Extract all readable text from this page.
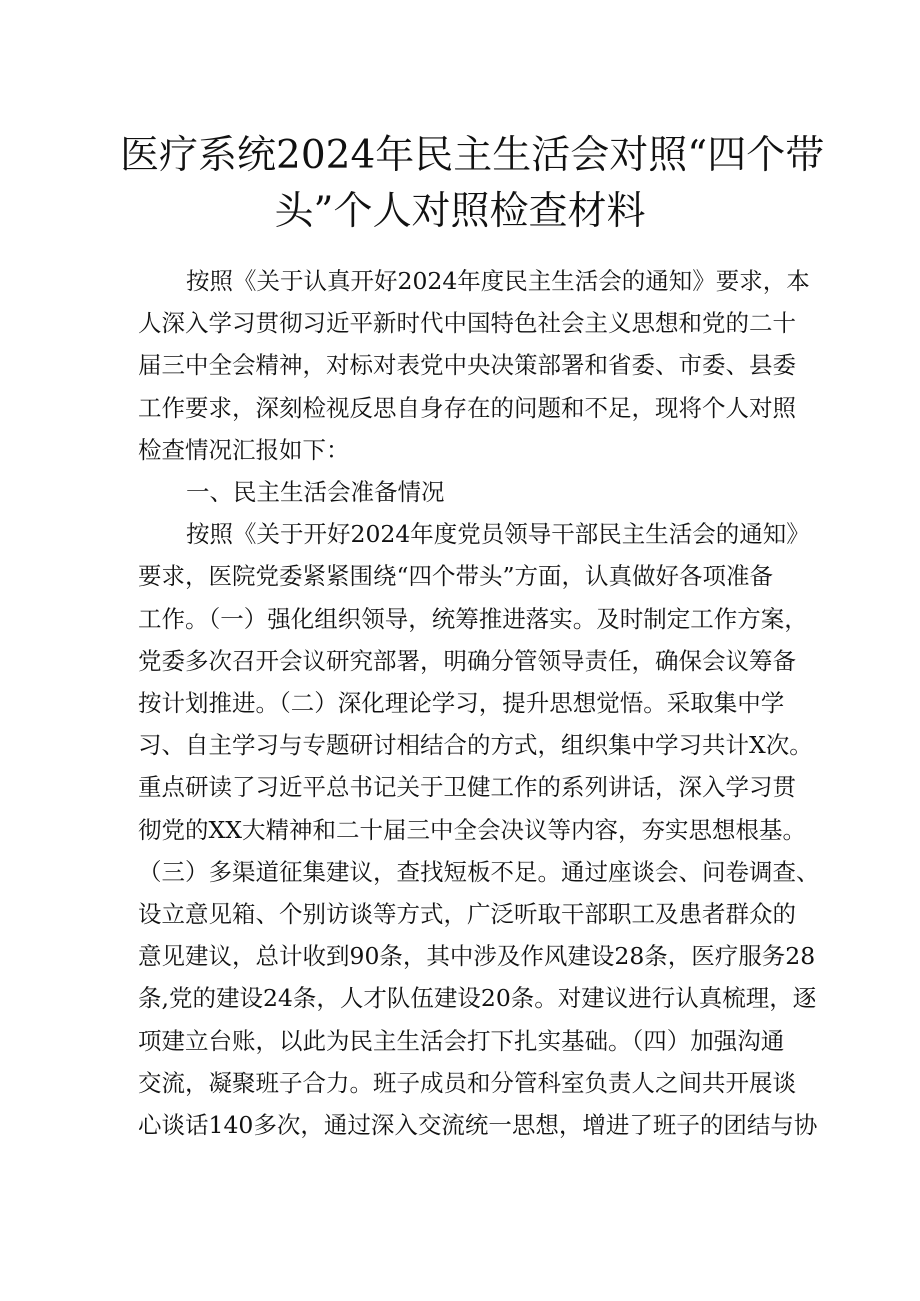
医疗系统2024年民主生活会对照“四个带
头”个人对照检查材料

按照《关于认真开好2024年度民主生活会的通知》要求，本
人深入学习贯彻习近平新时代中国特色社会主义思想和党的二十
届三中全会精神，对标对表党中央决策部署和省委、市委、县委
工作要求，深刻检视反思自身存在的问题和不足，现将个人对照
检查情况汇报如下：

一、民主生活会准备情况

按照《关于开好2024年度党员领导干部民主生活会的通知》
要求，医院党委紧紧围绕“四个带头”方面，认真做好各项准备
工作。（一）强化组织领导，统筹推进落实。及时制定工作方案，
党委多次召开会议研究部署，明确分管领导责任，确保会议筹备
按计划推进。（二）深化理论学习，提升思想觉悟。采取集中学
习、自主学习与专题研讨相结合的方式，组织集中学习共计X次。
重点研读了习近平总书记关于卫健工作的系列讲话，深入学习贯
彻党的XX大精神和二十届三中全会决议等内容，夯实思想根基。
（三）多渠道征集建议，查找短板不足。通过座谈会、问卷调查、
设立意见箱、个别访谈等方式，广泛听取干部职工及患者群众的
意见建议，总计收到90条，其中涉及作风建设28条，医疗服务28
条,党的建设24条，人才队伍建设20条。对建议进行认真梳理，逐
项建立台账，以此为民主生活会打下扎实基础。（四）加强沟通
交流，凝聚班子合力。班子成员和分管科室负责人之间共开展谈
心谈话140多次，通过深入交流统一思想，增进了班子的团结与协
